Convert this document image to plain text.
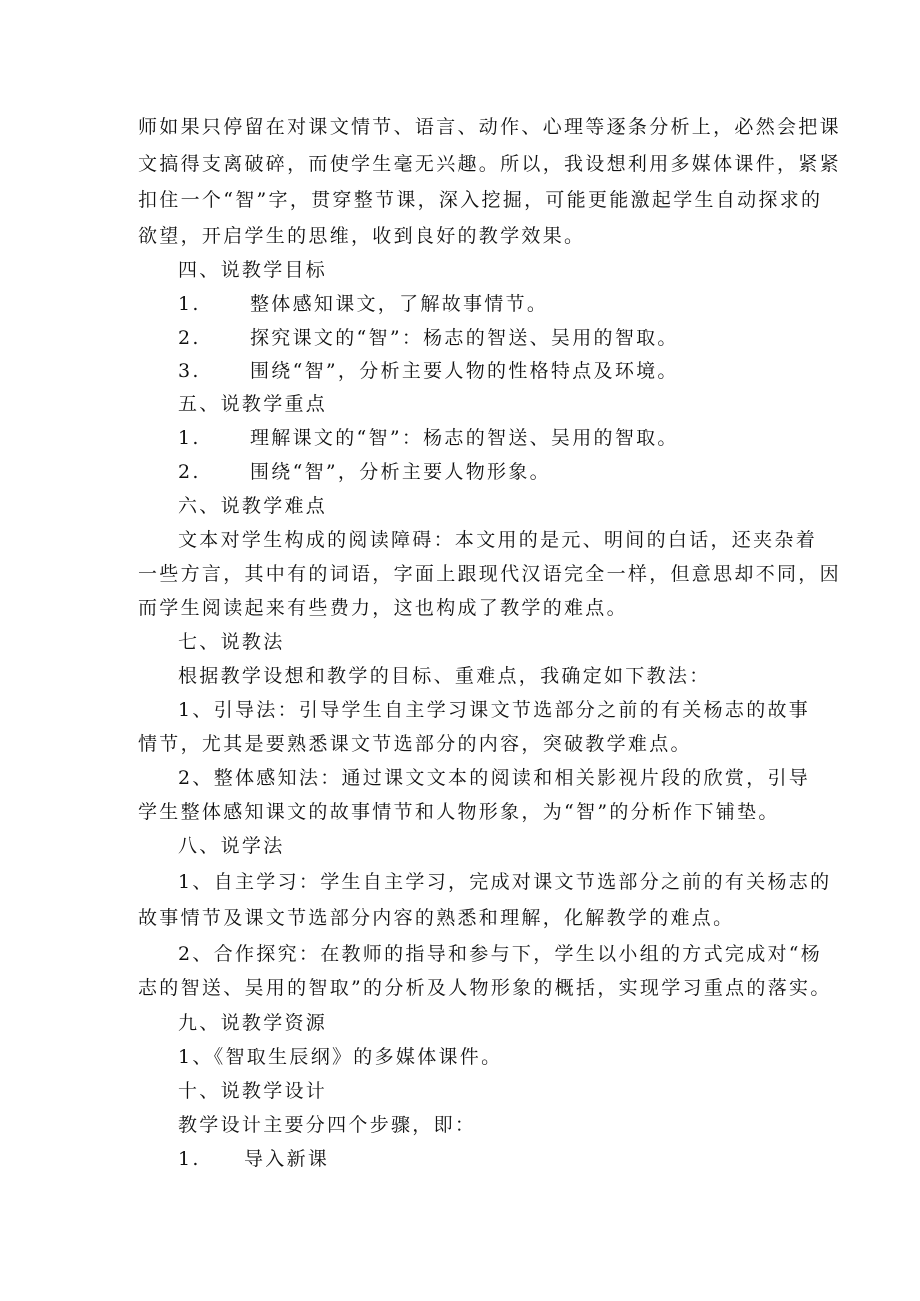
师如果只停留在对课文情节、语言、动作、心理等逐条分析上，必然会把课
文搞得支离破碎，而使学生毫无兴趣。所以，我设想利用多媒体课件，紧紧
扣住一个“智”字，贯穿整节课，深入挖掘，可能更能激起学生自动探求的
欲望，开启学生的思维，收到良好的教学效果。
四、说教学目标
1.	整体感知课文，了解故事情节。
2.	探究课文的“智”：杨志的智送、吴用的智取。
3.	围绕“智”，分析主要人物的性格特点及环境。
五、说教学重点
1.	理解课文的“智”：杨志的智送、吴用的智取。
2.	围绕“智”，分析主要人物形象。
六、说教学难点
文本对学生构成的阅读障碍：本文用的是元、明间的白话，还夹杂着
一些方言，其中有的词语，字面上跟现代汉语完全一样，但意思却不同，因
而学生阅读起来有些费力，这也构成了教学的难点。
七、说教法
根据教学设想和教学的目标、重难点，我确定如下教法：
1、引导法：引导学生自主学习课文节选部分之前的有关杨志的故事
情节，尤其是要熟悉课文节选部分的内容，突破教学难点。
2、整体感知法：通过课文文本的阅读和相关影视片段的欣赏，引导
学生整体感知课文的故事情节和人物形象，为“智”的分析作下铺垫。
八、说学法
1、自主学习：学生自主学习，完成对课文节选部分之前的有关杨志的
故事情节及课文节选部分内容的熟悉和理解，化解教学的难点。
2、合作探究：在教师的指导和参与下，学生以小组的方式完成对“杨
志的智送、吴用的智取”的分析及人物形象的概括，实现学习重点的落实。
九、说教学资源
1、《智取生辰纲》的多媒体课件。
十、说教学设计
教学设计主要分四个步骤，即：
1. 导入新课
